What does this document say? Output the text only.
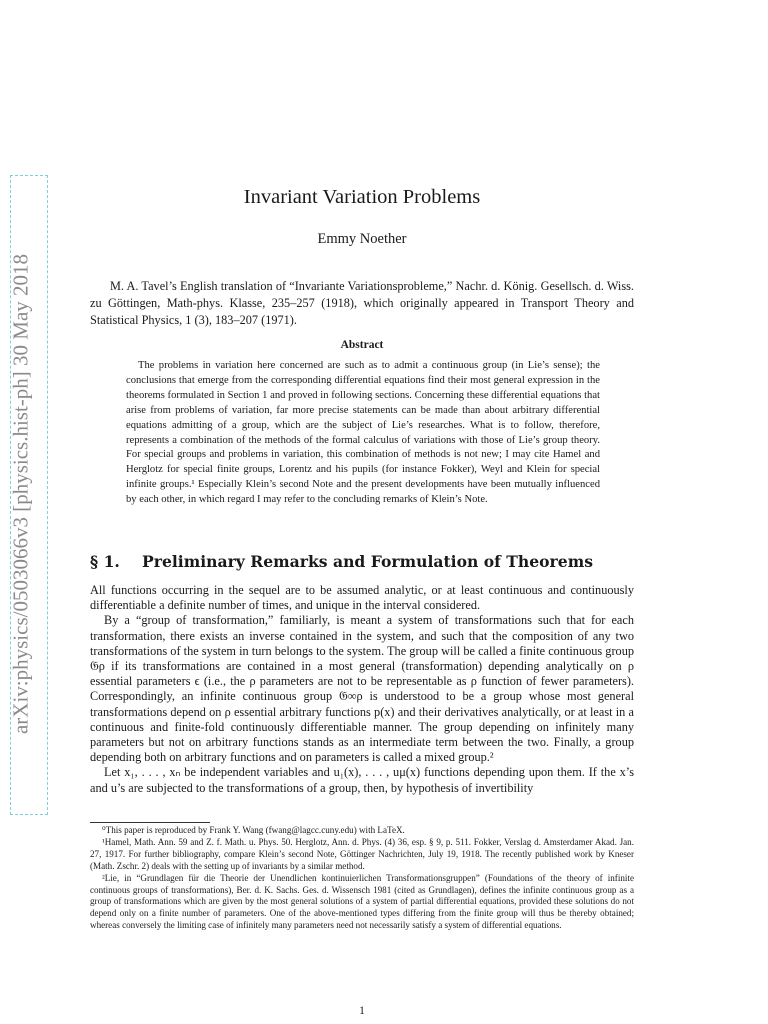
arXiv:physics/0503066v3 [physics.hist-ph] 30 May 2018
Invariant Variation Problems
Emmy Noether
M. A. Tavel’s English translation of “Invariante Variationsprobleme,” Nachr. d. König. Gesellsch. d. Wiss. zu Göttingen, Math-phys. Klasse, 235–257 (1918), which originally appeared in Transport Theory and Statistical Physics, 1 (3), 183–207 (1971).
Abstract
The problems in variation here concerned are such as to admit a continuous group (in Lie’s sense); the conclusions that emerge from the corresponding differential equations find their most general expression in the theorems formulated in Section 1 and proved in following sections. Concerning these differential equations that arise from problems of variation, far more precise statements can be made than about arbitrary differential equations admitting of a group, which are the subject of Lie’s researches. What is to follow, therefore, represents a combination of the methods of the formal calculus of variations with those of Lie’s group theory. For special groups and problems in variation, this combination of methods is not new; I may cite Hamel and Herglotz for special finite groups, Lorentz and his pupils (for instance Fokker), Weyl and Klein for special infinite groups.¹ Especially Klein’s second Note and the present developments have been mutually influenced by each other, in which regard I may refer to the concluding remarks of Klein’s Note.
§ 1. Preliminary Remarks and Formulation of Theorems

All functions occurring in the sequel are to be assumed analytic, or at least continuous and continuously differentiable a definite number of times, and unique in the interval considered.

By a “group of transformation,” familiarly, is meant a system of transformations such that for each transformation, there exists an inverse contained in the system, and such that the composition of any two transformations of the system in turn belongs to the system. The group will be called a finite continuous group 𝔊ρ if its transformations are contained in a most general (transformation) depending analytically on ρ essential parameters ϵ (i.e., the ρ parameters are not to be representable as ρ function of fewer parameters). Correspondingly, an infinite continuous group 𝔊∞ρ is understood to be a group whose most general transformations depend on ρ essential arbitrary functions p(x) and their derivatives analytically, or at least in a continuous and finite-fold continuously differentiable manner. The group depending on infinitely many parameters but not on arbitrary functions stands as an intermediate term between the two. Finally, a group depending both on arbitrary functions and on parameters is called a mixed group.²

Let x₁, . . . , xₙ be independent variables and u₁(x), . . . , uμ(x) functions depending upon them. If the x’s and u’s are subjected to the transformations of a group, then, by hypothesis of invertibility

⁰This paper is reproduced by Frank Y. Wang (fwang@lagcc.cuny.edu) with LaTeX.

¹Hamel, Math. Ann. 59 and Z. f. Math. u. Phys. 50. Herglotz, Ann. d. Phys. (4) 36, esp. § 9, p. 511. Fokker, Verslag d. Amsterdamer Akad. Jan. 27, 1917. For further bibliography, compare Klein’s second Note, Göttinger Nachrichten, July 19, 1918. The recently published work by Kneser (Math. Zschr. 2) deals with the setting up of invariants by a similar method.

²Lie, in “Grundlagen für die Theorie der Unendlichen kontinuierlichen Transformationsgruppen” (Foundations of the theory of infinite continuous groups of transformations), Ber. d. K. Sachs. Ges. d. Wissensch 1981 (cited as Grundlagen), defines the infinite continuous group as a group of transformations which are given by the most general solutions of a system of partial differential equations, provided these solutions do not depend only on a finite number of parameters. One of the above-mentioned types differing from the finite group will thus be thereby obtained; whereas conversely the limiting case of infinitely many parameters need not necessarily satisfy a system of differential equations.

1
